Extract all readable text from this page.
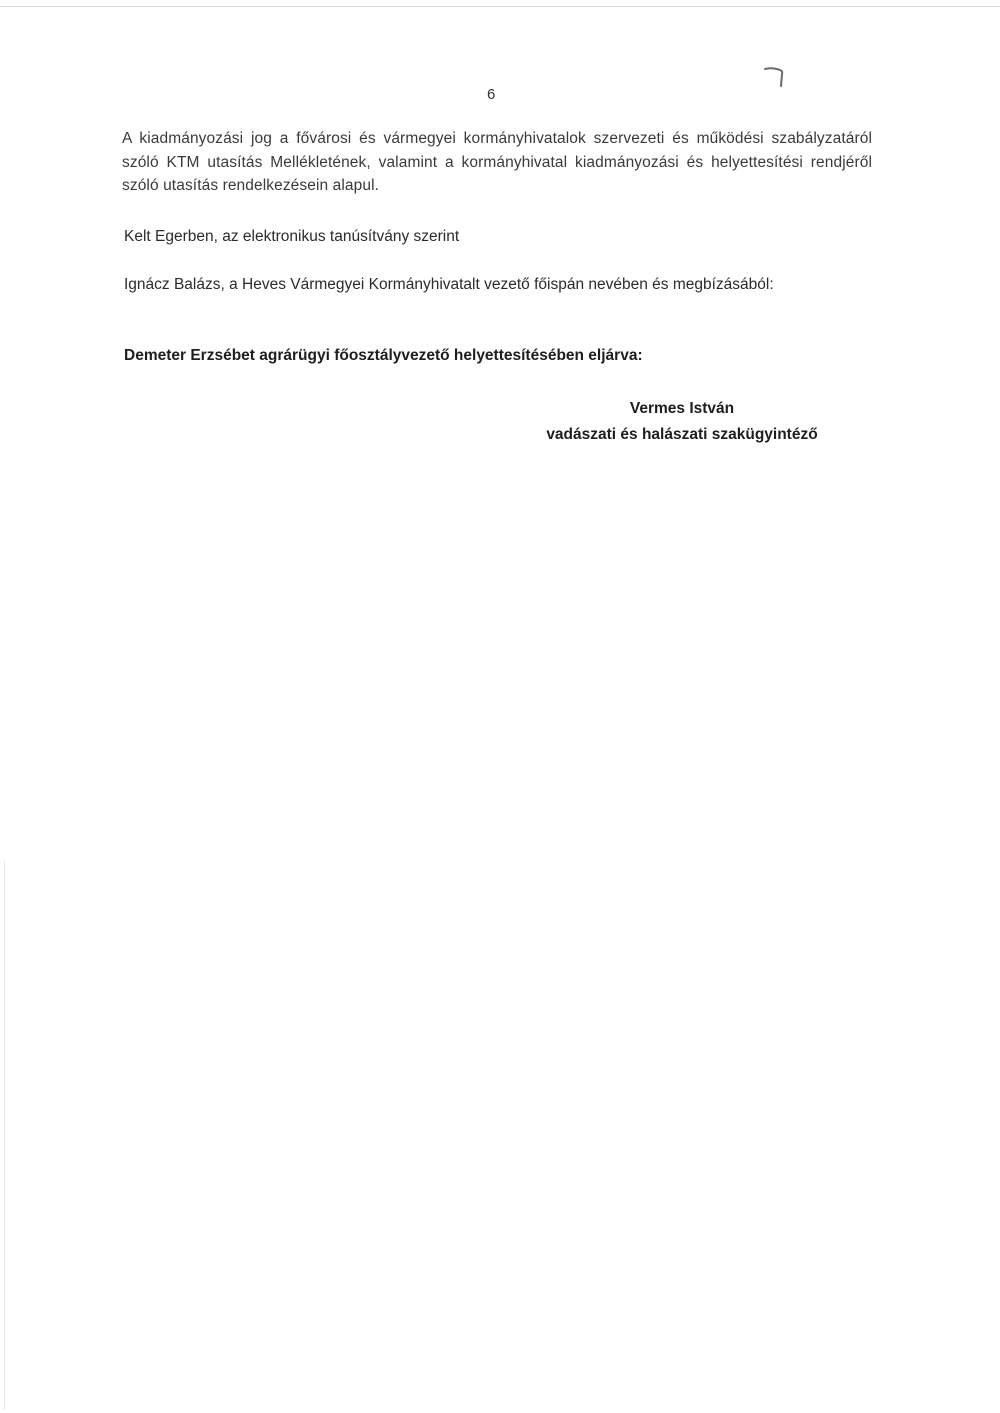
6
A kiadmányozási jog a fővárosi és vármegyei kormányhivatalok szervezeti és működési szabályzatáról szóló KTM utasítás Mellékletének, valamint a kormányhivatal kiadmányozási és helyettesítési rendjéről szóló utasítás rendelkezésein alapul.
Kelt Egerben, az elektronikus tanúsítvány szerint
Ignácz Balázs, a Heves Vármegyei Kormányhivatalt vezető főispán nevében és megbízásából:
Demeter Erzsébet agrárügyi főosztályvezető helyettesítésében eljárva:
Vermes István
vadászati és halászati szakügyintéző
